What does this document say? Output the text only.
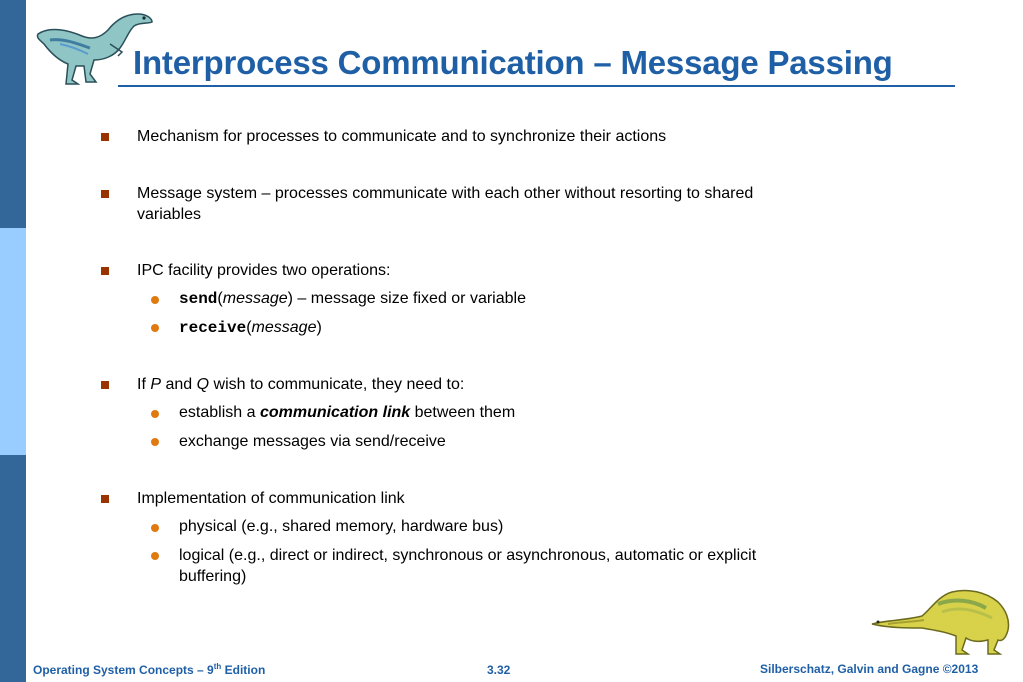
Interprocess Communication – Message Passing
Mechanism for processes to communicate and to synchronize their actions
Message system – processes communicate with each other without resorting to shared
variables
IPC facility provides two operations:
send(message) – message size fixed or variable
receive(message)
If P and Q wish to communicate, they need to:
establish a communication link between them
exchange messages via send/receive
Implementation of communication link
physical (e.g., shared memory, hardware bus)
logical (e.g., direct or indirect, synchronous or asynchronous, automatic or explicit
buffering)
Operating System Concepts – 9th Edition	3.32	Silberschatz, Galvin and Gagne ©2013
